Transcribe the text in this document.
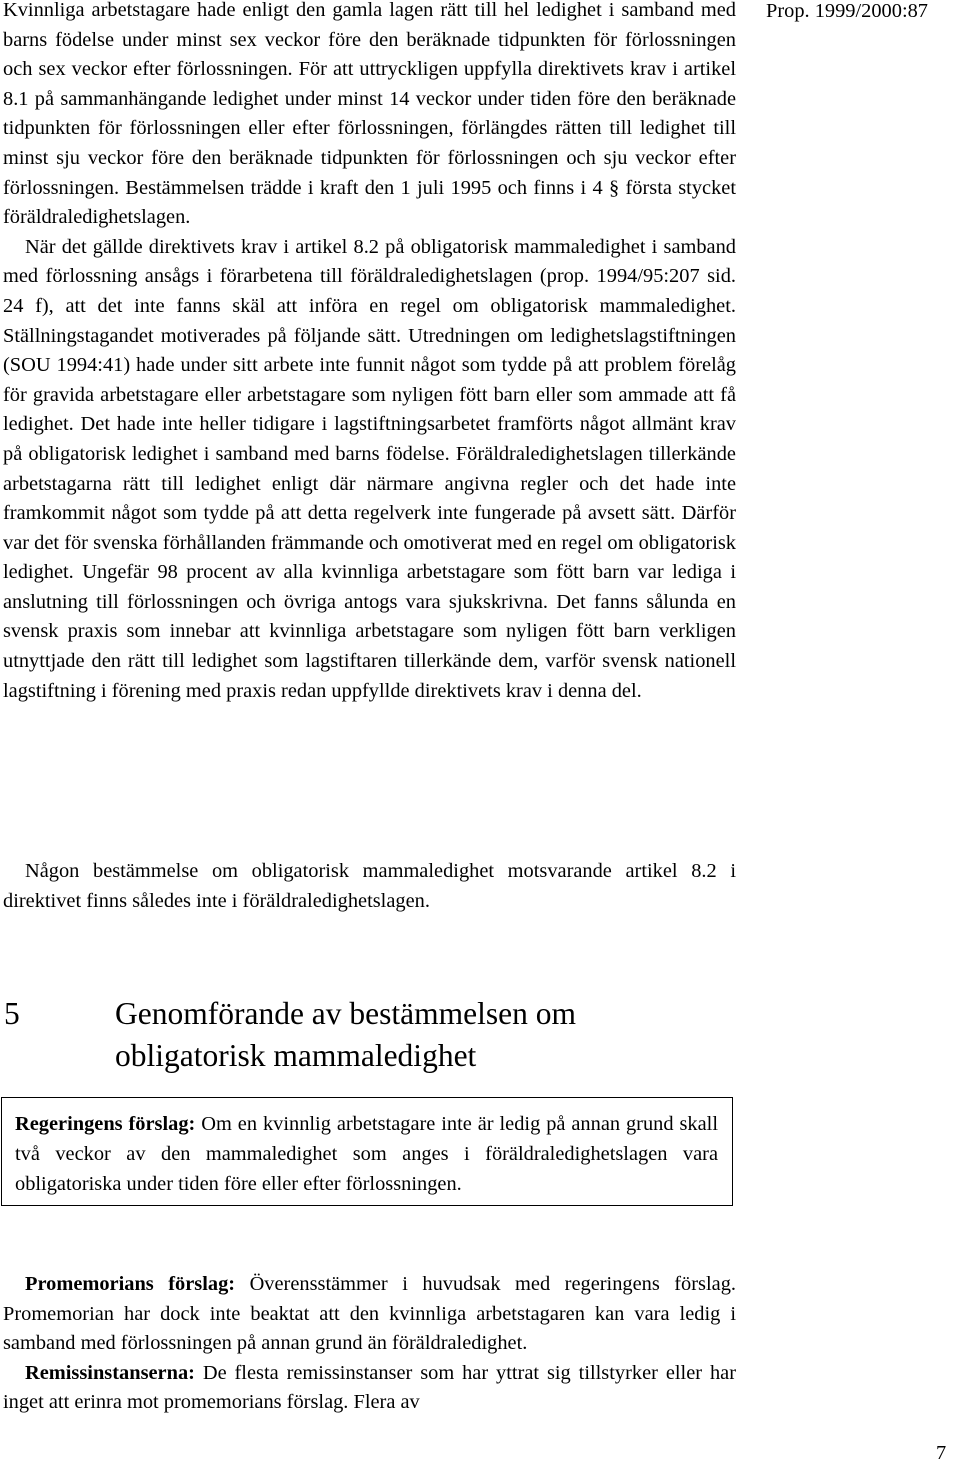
Prop. 1999/2000:87

Kvinnliga arbetstagare hade enligt den gamla lagen rätt till hel ledighet i samband med barns födelse under minst sex veckor före den beräknade tidpunkten för förlossningen och sex veckor efter förlossningen. För att uttryckligen uppfylla direktivets krav i artikel 8.1 på sammanhängande ledighet under minst 14 veckor under tiden före den beräknade tidpunkten för förlossningen eller efter förlossningen, förlängdes rätten till ledighet till minst sju veckor före den beräknade tidpunkten för förlossningen och sju veckor efter förlossningen. Bestämmelsen trädde i kraft den 1 juli 1995 och finns i 4 § första stycket föräldraledighetslagen.

När det gällde direktivets krav i artikel 8.2 på obligatorisk mammaledighet i samband med förlossning ansågs i förarbetena till föräldraledighetslagen (prop. 1994/95:207 sid. 24 f), att det inte fanns skäl att införa en regel om obligatorisk mammaledighet. Ställningstagandet motiverades på följande sätt. Utredningen om ledighetslagstiftningen (SOU 1994:41) hade under sitt arbete inte funnit något som tydde på att problem förelåg för gravida arbetstagare eller arbetstagare som nyligen fött barn eller som ammade att få ledighet. Det hade inte heller tidigare i lagstiftningsarbetet framförts något allmänt krav på obligatorisk ledighet i samband med barns födelse. Föräldraledighetslagen tillerkände arbetstagarna rätt till ledighet enligt där närmare angivna regler och det hade inte framkommit något som tydde på att detta regelverk inte fungerade på avsett sätt. Därför var det för svenska förhållanden främmande och omotiverat med en regel om obligatorisk ledighet. Ungefär 98 procent av alla kvinnliga arbetstagare som fött barn var lediga i anslutning till förlossningen och övriga antogs vara sjukskrivna. Det fanns sålunda en svensk praxis som innebar att kvinnliga arbetstagare som nyligen fött barn verkligen utnyttjade den rätt till ledighet som lagstiftaren tillerkände dem, varför svensk nationell lagstiftning i förening med praxis redan uppfyllde direktivets krav i denna del.

Någon bestämmelse om obligatorisk mammaledighet motsvarande artikel 8.2 i direktivet finns således inte i föräldraledighetslagen.

5	Genomförande av bestämmelsen om obligatorisk mammaledighet
Regeringens förslag: Om en kvinnlig arbetstagare inte är ledig på annan grund skall två veckor av den mammaledighet som anges i föräldraledighetslagen vara obligatoriska under tiden före eller efter förlossningen.

Promemorians förslag: Överensstämmer i huvudsak med regeringens förslag. Promemorian har dock inte beaktat att den kvinnliga arbetstagaren kan vara ledig i samband med förlossningen på annan grund än föräldraledighet.

Remissinstanserna: De flesta remissinstanser som har yttrat sig tillstyrker eller har inget att erinra mot promemorians förslag. Flera av

7
